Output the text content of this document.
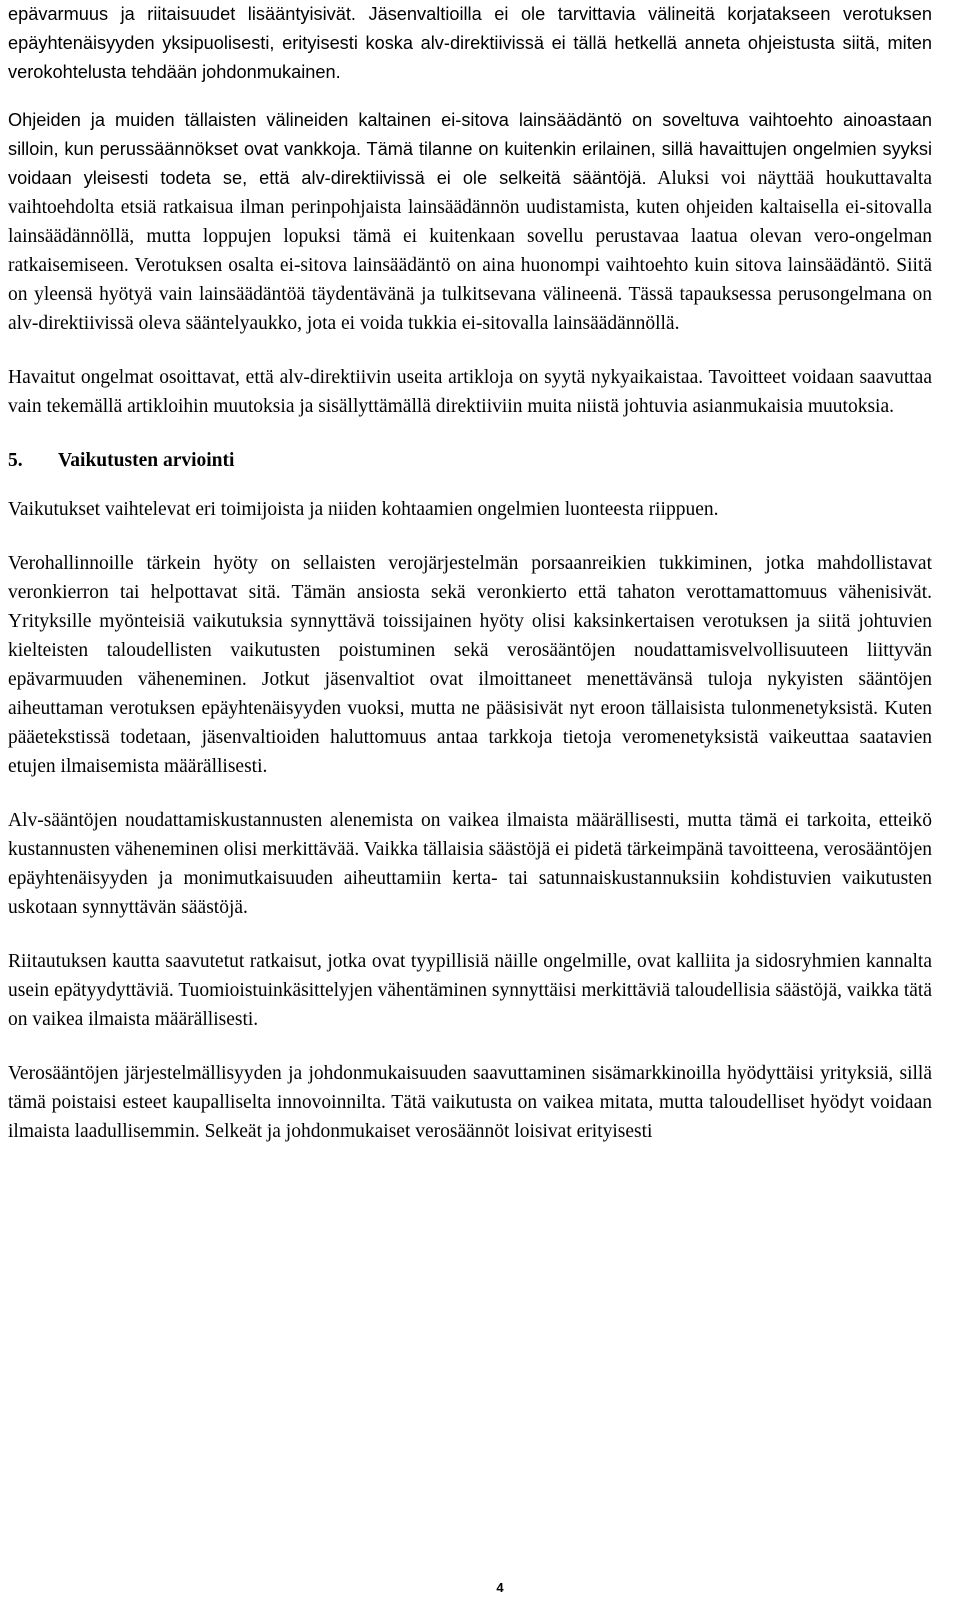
epävarmuus ja riitaisuudet lisääntyisivät. Jäsenvaltioilla ei ole tarvittavia välineitä korjatakseen verotuksen epäyhtenäisyyden yksipuolisesti, erityisesti koska alv-direktiivissä ei tällä hetkellä anneta ohjeistusta siitä, miten verokohtelusta tehdään johdonmukainen.

Ohjeiden ja muiden tällaisten välineiden kaltainen ei-sitova lainsäädäntö on soveltuva vaihtoehto ainoastaan silloin, kun perussäännökset ovat vankkoja. Tämä tilanne on kuitenkin erilainen, sillä havaittujen ongelmien syyksi voidaan yleisesti todeta se, että alv-direktiivissä ei ole selkeitä sääntöjä. Aluksi voi näyttää houkuttavalta vaihtoehdolta etsiä ratkaisua ilman perinpohjaista lainsäädännön uudistamista, kuten ohjeiden kaltaisella ei-sitovalla lainsäädännöllä, mutta loppujen lopuksi tämä ei kuitenkaan sovellu perustavaa laatua olevan vero-ongelman ratkaisemiseen. Verotuksen osalta ei-sitova lainsäädäntö on aina huonompi vaihtoehto kuin sitova lainsäädäntö. Siitä on yleensä hyötyä vain lainsäädäntöä täydentävänä ja tulkitsevana välineenä. Tässä tapauksessa perusongelmana on alv-direktiivissä oleva sääntelyaukko, jota ei voida tukkia ei-sitovalla lainsäädännöllä.

Havaitut ongelmat osoittavat, että alv-direktiivin useita artikloja on syytä nykyaikaistaa. Tavoitteet voidaan saavuttaa vain tekemällä artikloihin muutoksia ja sisällyttämällä direktiiviin muita niistä johtuvia asianmukaisia muutoksia.

5. Vaikutusten arviointi

Vaikutukset vaihtelevat eri toimijoista ja niiden kohtaamien ongelmien luonteesta riippuen.

Verohallinnoille tärkein hyöty on sellaisten verojärjestelmän porsaanreikien tukkiminen, jotka mahdollistavat veronkierron tai helpottavat sitä. Tämän ansiosta sekä veronkierto että tahaton verottamattomuus vähenisivät. Yrityksille myönteisiä vaikutuksia synnyttävä toissijainen hyöty olisi kaksinkertaisen verotuksen ja siitä johtuvien kielteisten taloudellisten vaikutusten poistuminen sekä verosääntöjen noudattamisvelvollisuuteen liittyvän epävarmuuden väheneminen. Jotkut jäsenvaltiot ovat ilmoittaneet menettävänsä tuloja nykyisten sääntöjen aiheuttaman verotuksen epäyhtenäisyyden vuoksi, mutta ne pääsisivät nyt eroon tällaisista tulonmenetyksistä. Kuten pääetekstissä todetaan, jäsenvaltioiden haluttomuus antaa tarkkoja tietoja veromenetyksistä vaikeuttaa saatavien etujen ilmaisemista määrällisesti.

Alv-sääntöjen noudattamiskustannusten alenemista on vaikea ilmaista määrällisesti, mutta tämä ei tarkoita, etteikö kustannusten väheneminen olisi merkittävää. Vaikka tällaisia säästöjä ei pidetä tärkeimpänä tavoitteena, verosääntöjen epäyhtenäisyyden ja monimutkaisuuden aiheuttamiin kerta- tai satunnaiskustannuksiin kohdistuvien vaikutusten uskotaan synnyttävän säästöjä.

Riitautuksen kautta saavutetut ratkaisut, jotka ovat tyypillisiä näille ongelmille, ovat kalliita ja sidosryhmien kannalta usein epätyydyttäviä. Tuomioistuinkäsittelyjen vähentäminen synnyttäisi merkittäviä taloudellisia säästöjä, vaikka tätä on vaikea ilmaista määrällisesti.

Verosääntöjen järjestelmällisyyden ja johdonmukaisuuden saavuttaminen sisämarkkinoilla hyödyttäisi yrityksiä, sillä tämä poistaisi esteet kaupalliselta innovoinnilta. Tätä vaikutusta on vaikea mitata, mutta taloudelliset hyödyt voidaan ilmaista laadullisemmin. Selkeät ja johdonmukaiset verosäännöt loisivat erityisesti

4
